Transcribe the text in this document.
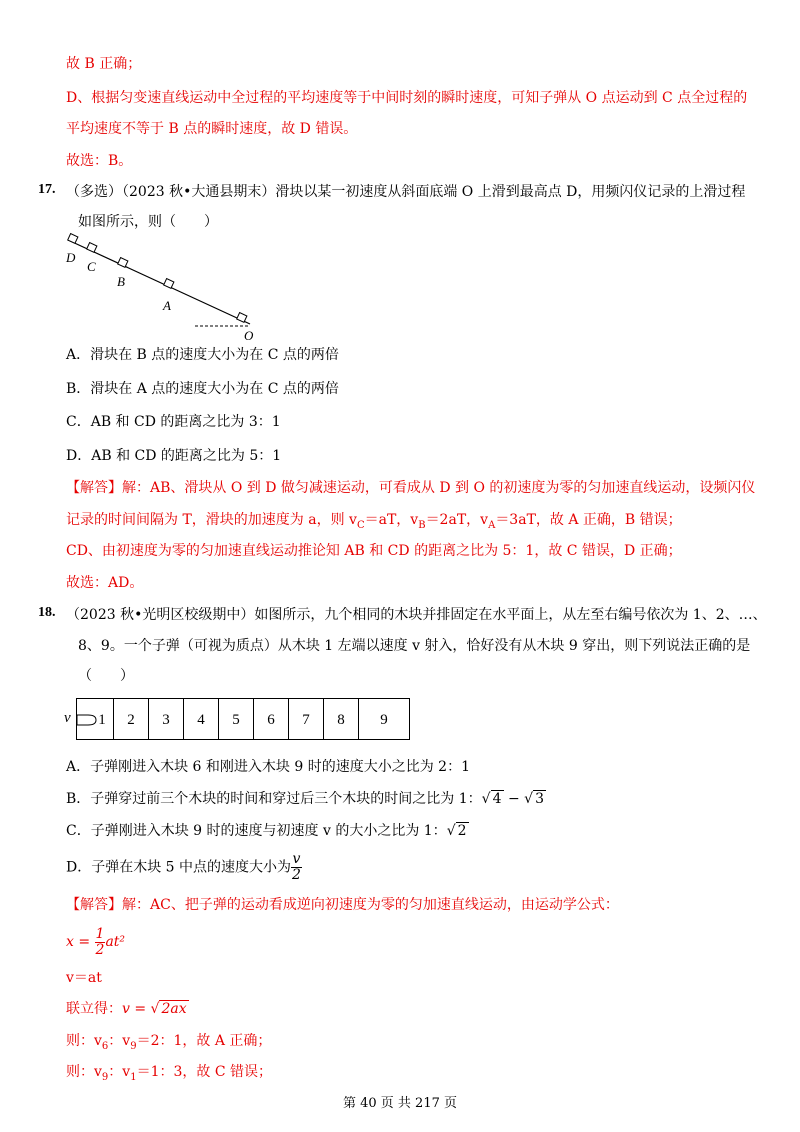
故 B 正确；
D、根据匀变速直线运动中全过程的平均速度等于中间时刻的瞬时速度，可知子弹从 O 点运动到 C 点全过程的
平均速度不等于 B 点的瞬时速度，故 D 错误。
故选：B。
17. （多选）（2023 秋•大通县期末）滑块以某一初速度从斜面底端 O 上滑到最高点 D，用频闪仪记录的上滑过程
如图所示，则（　　）
D
C
B
A
O
A．滑块在 B 点的速度大小为在 C 点的两倍
B．滑块在 A 点的速度大小为在 C 点的两倍
C．AB 和 CD 的距离之比为 3：1
D．AB 和 CD 的距离之比为 5：1
【解答】解：AB、滑块从 O 到 D 做匀减速运动，可看成从 D 到 O 的初速度为零的匀加速直线运动，设频闪仪
记录的时间间隔为 T，滑块的加速度为 a，则 $v_C=aT$，$v_B=2aT$，$v_A=3aT$，故 A 正确，B 错误；
CD、由初速度为零的匀加速直线运动推论知 AB 和 CD 的距离之比为 5：1，故 C 错误，D 正确；
故选：AD。
18. （2023 秋•光明区校级期中）如图所示，九个相同的木块并排固定在水平面上，从左至右编号依次为 1、2、…、
8、9。一个子弹（可视为质点）从木块 1 左端以速度 v 射入，恰好没有从木块 9 穿出，则下列说法正确的是
（　　）
v	1	2	3	4	5	6	7	8	9
A．子弹刚进入木块 6 和刚进入木块 9 时的速度大小之比为 2：1
B．子弹穿过前三个木块的时间和穿过后三个木块的时间之比为 1：√ 4 − √ 3
C．子弹刚进入木块 9 时的速度与初速度 v 的大小之比为 1：√ 2
D．子弹在木块 5 中点的速度大小为 $\frac{v}{2}$
【解答】解：AC、把子弹的运动看成逆向初速度为零的匀加速直线运动，由运动学公式：
$x = \frac{1}{2} at^2$
v＝at
联立得：v = √ 2ax
则：$v_6$：$v_9=2$：1，故 A 正确；
则：$v_9$：$v_1=1$：3，故 C 错误；
第 40 页 共 217 页
